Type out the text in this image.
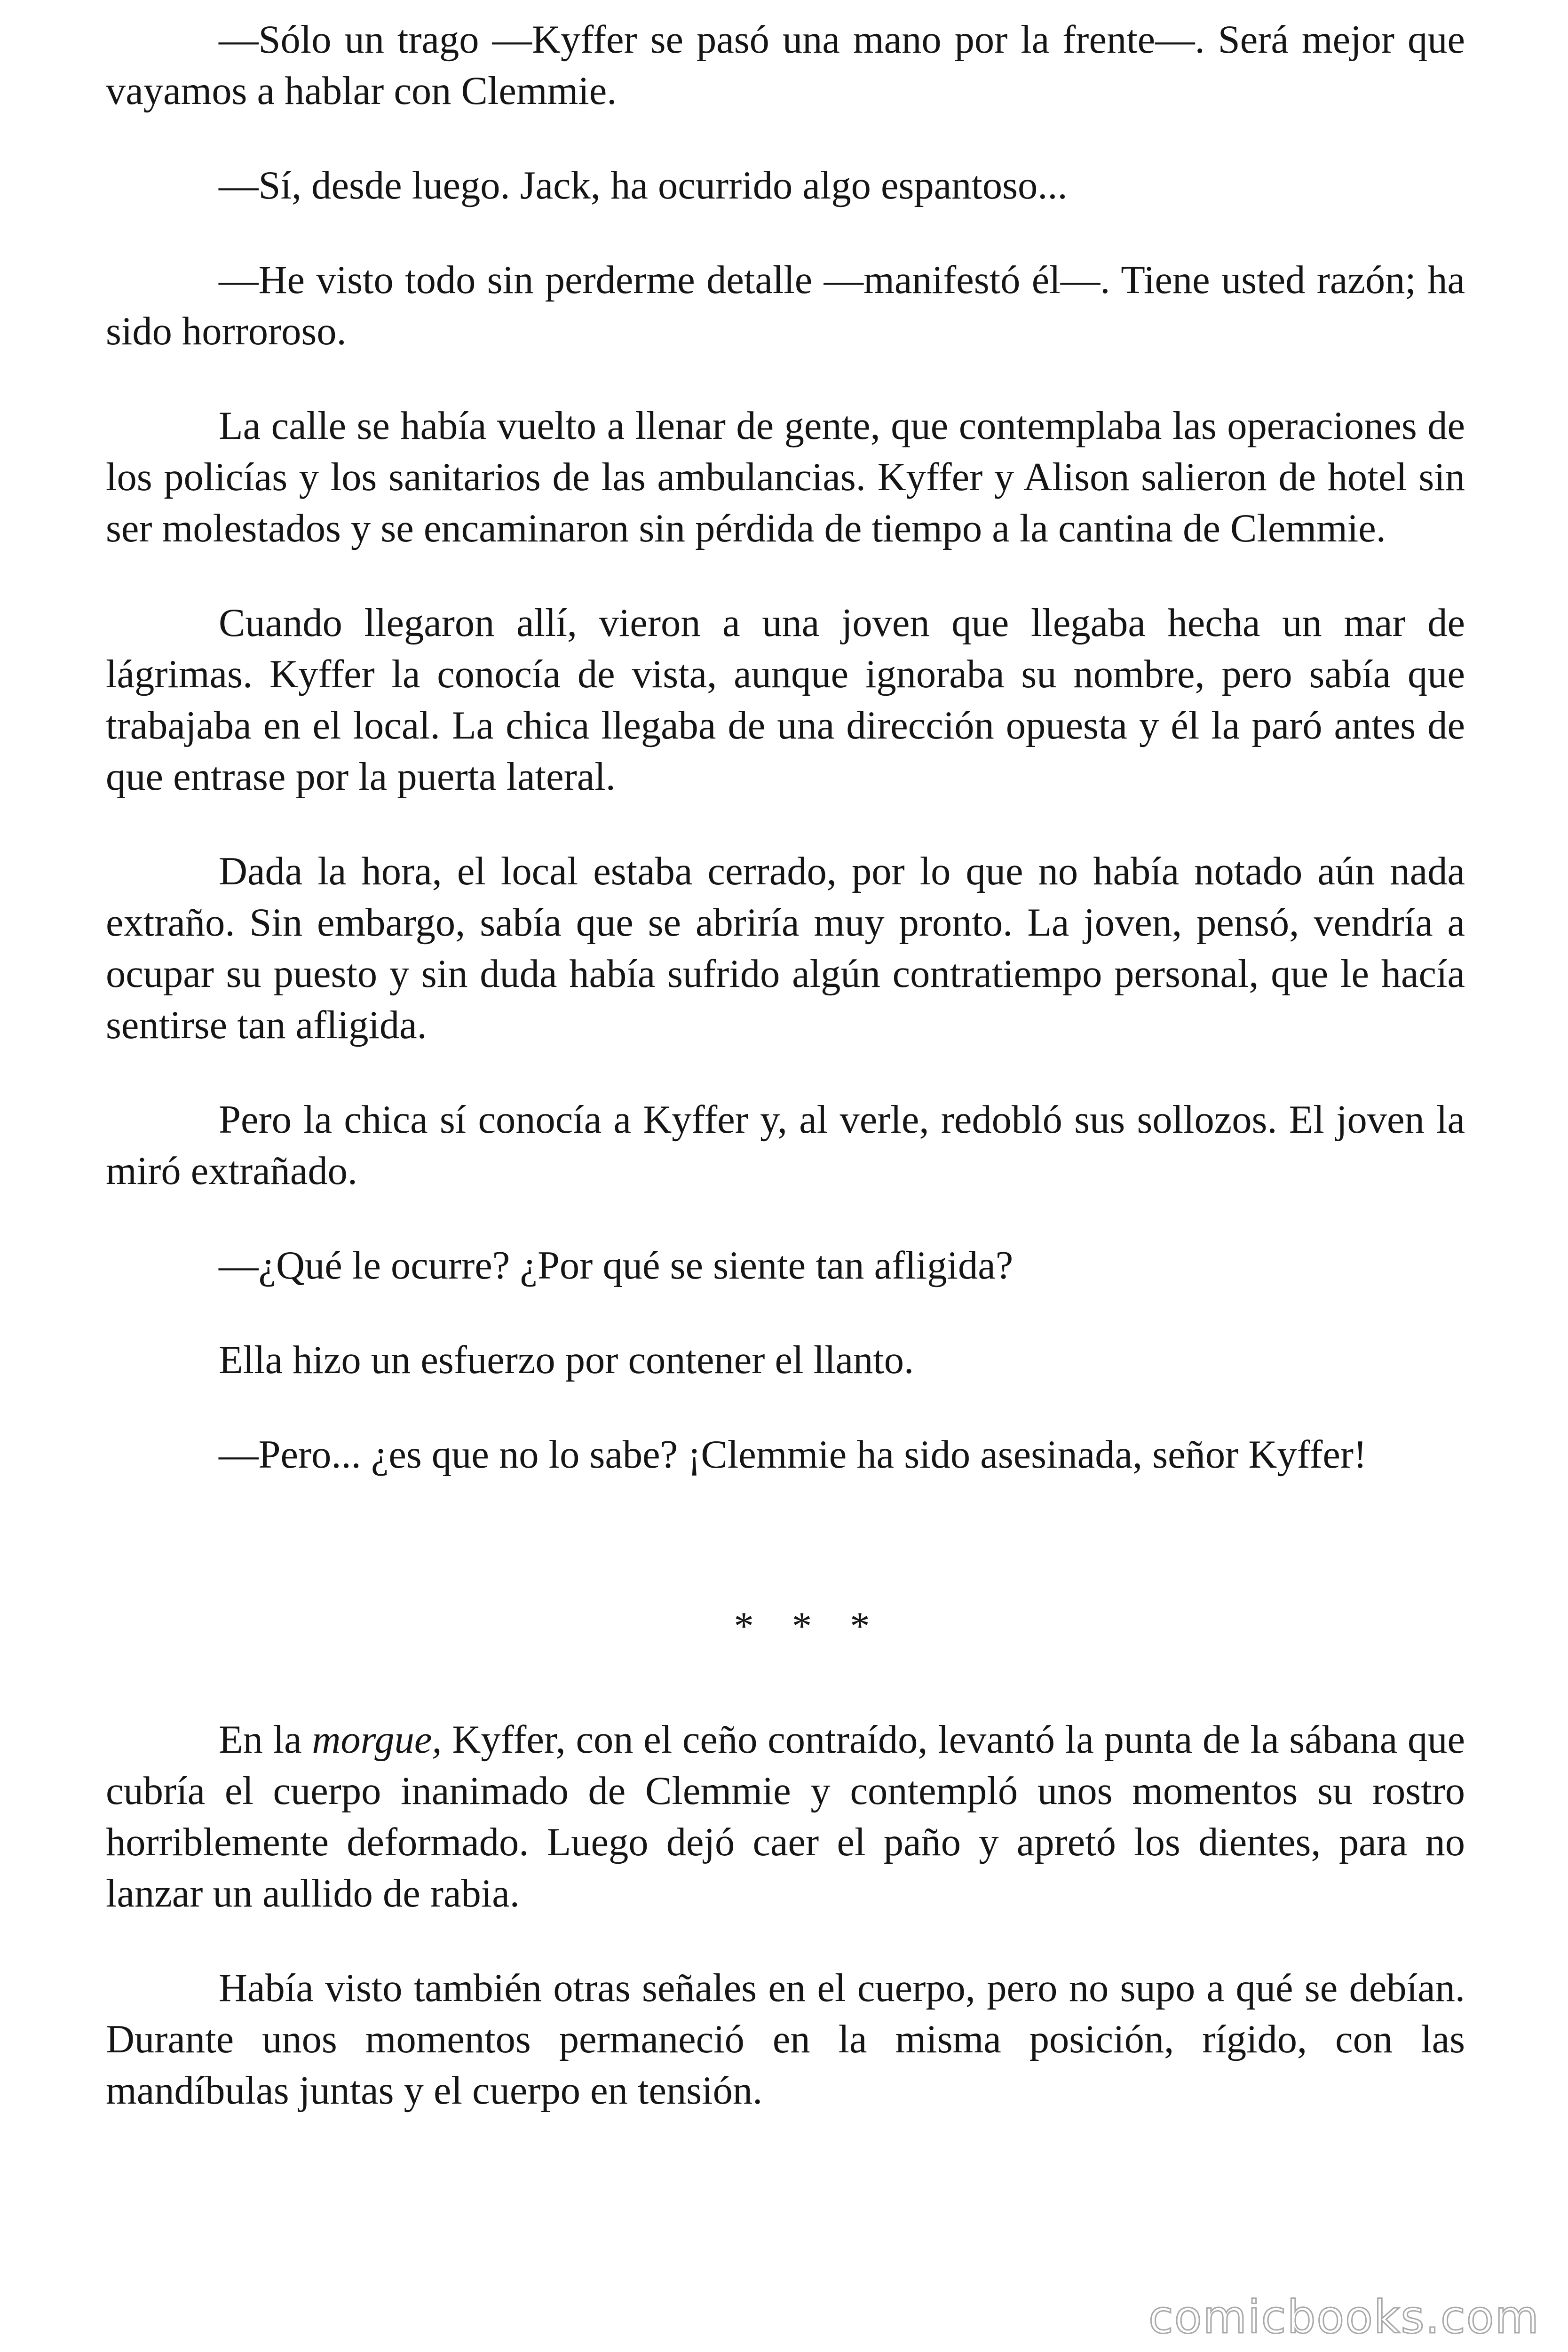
—Sólo un trago —Kyffer se pasó una mano por la frente—. Será mejor que vayamos a hablar con Clemmie.

—Sí, desde luego. Jack, ha ocurrido algo espantoso...

—He visto todo sin perderme detalle —manifestó él—. Tiene usted razón; ha sido horroroso.

La calle se había vuelto a llenar de gente, que contemplaba las operaciones de los policías y los sanitarios de las ambulancias. Kyffer y Alison salieron de hotel sin ser molestados y se encaminaron sin pérdida de tiempo a la cantina de Clemmie.

Cuando llegaron allí, vieron a una joven que llegaba hecha un mar de lágrimas. Kyffer la conocía de vista, aunque ignoraba su nombre, pero sabía que trabajaba en el local. La chica llegaba de una dirección opuesta y él la paró antes de que entrase por la puerta lateral.

Dada la hora, el local estaba cerrado, por lo que no había notado aún nada extraño. Sin embargo, sabía que se abriría muy pronto. La joven, pensó, vendría a ocupar su puesto y sin duda había sufrido algún contratiempo personal, que le hacía sentirse tan afligida.

Pero la chica sí conocía a Kyffer y, al verle, redobló sus sollozos. El joven la miró extrañado.

—¿Qué le ocurre? ¿Por qué se siente tan afligida?

Ella hizo un esfuerzo por contener el llanto.

—Pero... ¿es que no lo sabe? ¡Clemmie ha sido asesinada, señor Kyffer!

* * *

En la morgue, Kyffer, con el ceño contraído, levantó la punta de la sábana que cubría el cuerpo inanimado de Clemmie y contempló unos momentos su rostro horriblemente deformado. Luego dejó caer el paño y apretó los dientes, para no lanzar un aullido de rabia.

Había visto también otras señales en el cuerpo, pero no supo a qué se debían. Durante unos momentos permaneció en la misma posición, rígido, con las mandíbulas juntas y el cuerpo en tensión.

comicbooks.com
